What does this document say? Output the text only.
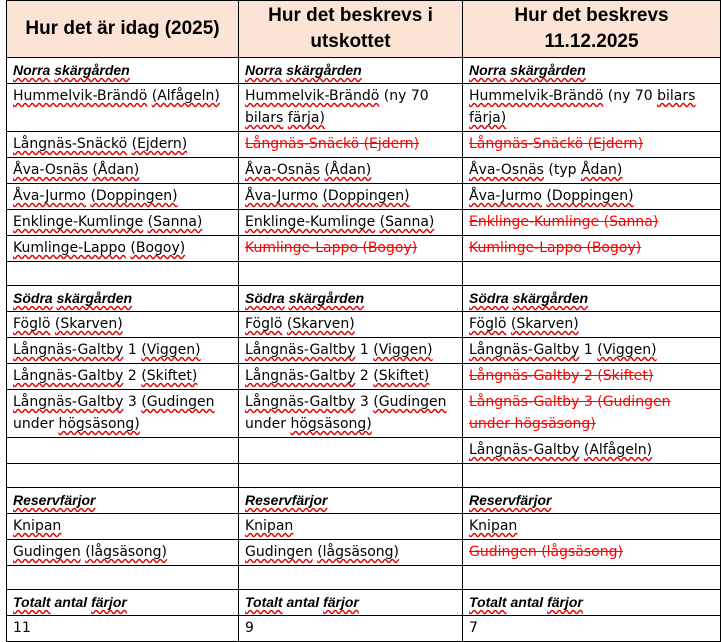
Hur det är idag (2025)	Hur det beskrevs i utskottet	Hur det beskrevs 11.12.2025
Norra skärgården	Norra skärgården	Norra skärgården
Hummelvik-Brändö (Alfågeln)	Hummelvik-Brändö (ny 70 bilars färja)	Hummelvik-Brändö (ny 70 bilars färja)
Långnäs-Snäckö (Ejdern)	Långnäs-Snäckö (Ejdern)	Långnäs-Snäckö (Ejdern)
Åva-Osnäs (Ådan)	Åva-Osnäs (Ådan)	Åva-Osnäs (typ Ådan)
Åva-Jurmo (Doppingen)	Åva-Jurmo (Doppingen)	Åva-Jurmo (Doppingen)
Enklinge-Kumlinge (Sanna)	Enklinge-Kumlinge (Sanna)	Enklinge-Kumlinge (Sanna)
Kumlinge-Lappo (Bogoy)	Kumlinge-Lappo (Bogoy)	Kumlinge-Lappo (Bogoy)

Södra skärgården	Södra skärgården	Södra skärgården
Föglö (Skarven)	Föglö (Skarven)	Föglö (Skarven)
Långnäs-Galtby 1 (Viggen)	Långnäs-Galtby 1 (Viggen)	Långnäs-Galtby 1 (Viggen)
Långnäs-Galtby 2 (Skiftet)	Långnäs-Galtby 2 (Skiftet)	Långnäs-Galtby 2 (Skiftet)
Långnäs-Galtby 3 (Gudingen under högsäsong)	Långnäs-Galtby 3 (Gudingen under högsäsong)	Långnäs-Galtby 3 (Gudingen under högsäsong)
		Långnäs-Galtby (Alfågeln)

Reservfärjor	Reservfärjor	Reservfärjor
Knipan	Knipan	Knipan
Gudingen (lågsäsong)	Gudingen (lågsäsong)	Gudingen (lågsäsong)

Totalt antal färjor	Totalt antal färjor	Totalt antal färjor
11	9	7
